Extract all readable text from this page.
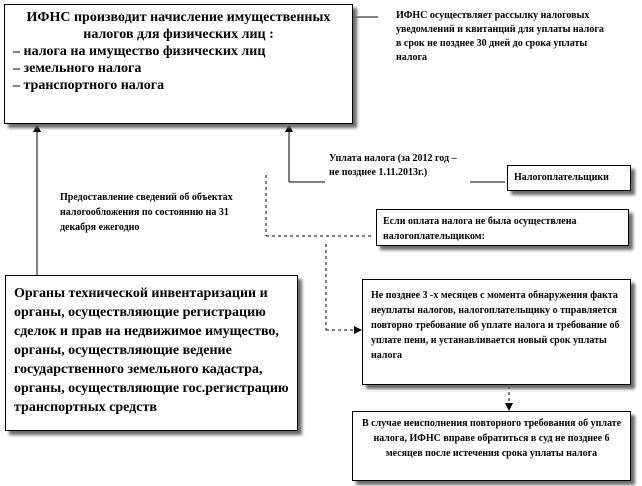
ИФНС производит начисление имущественных налогов для физических лиц :
– налога на имущество физических лиц
– земельного налога
– транспортного налога
ИФНС осуществляет рассылку налоговых уведомлений и квитанций для уплаты налога в срок не позднее 30 дней до срока уплаты налога
Уплата налога (за 2012 год – не позднее 1.11.2013г.)	Налогоплательщики
Предоставление сведений об объектах налогообложения по состоянию на 31 декабря ежегодно
Если оплата налога не была осуществлена налогоплательщиком:
Органы технической инвентаризации и органы, осуществляющие регистрацию сделок и прав на недвижимое имущество, органы, осуществляющие ведение государственного земельного кадастра, органы, осуществляющие гос.регистрацию транспортных средств
Не позднее 3 -х месяцев с момента обнаружения факта неуплаты налогов, налогоплательщику о тправляется повторно требование об уплате налога и требование об уплате пени, и устанавливается новый срок уплаты налога
В случае неисполнения повторного требования об уплате налога, ИФНС вправе обратиться в суд не позднее 6 месяцев после истечения срока уплаты налога
